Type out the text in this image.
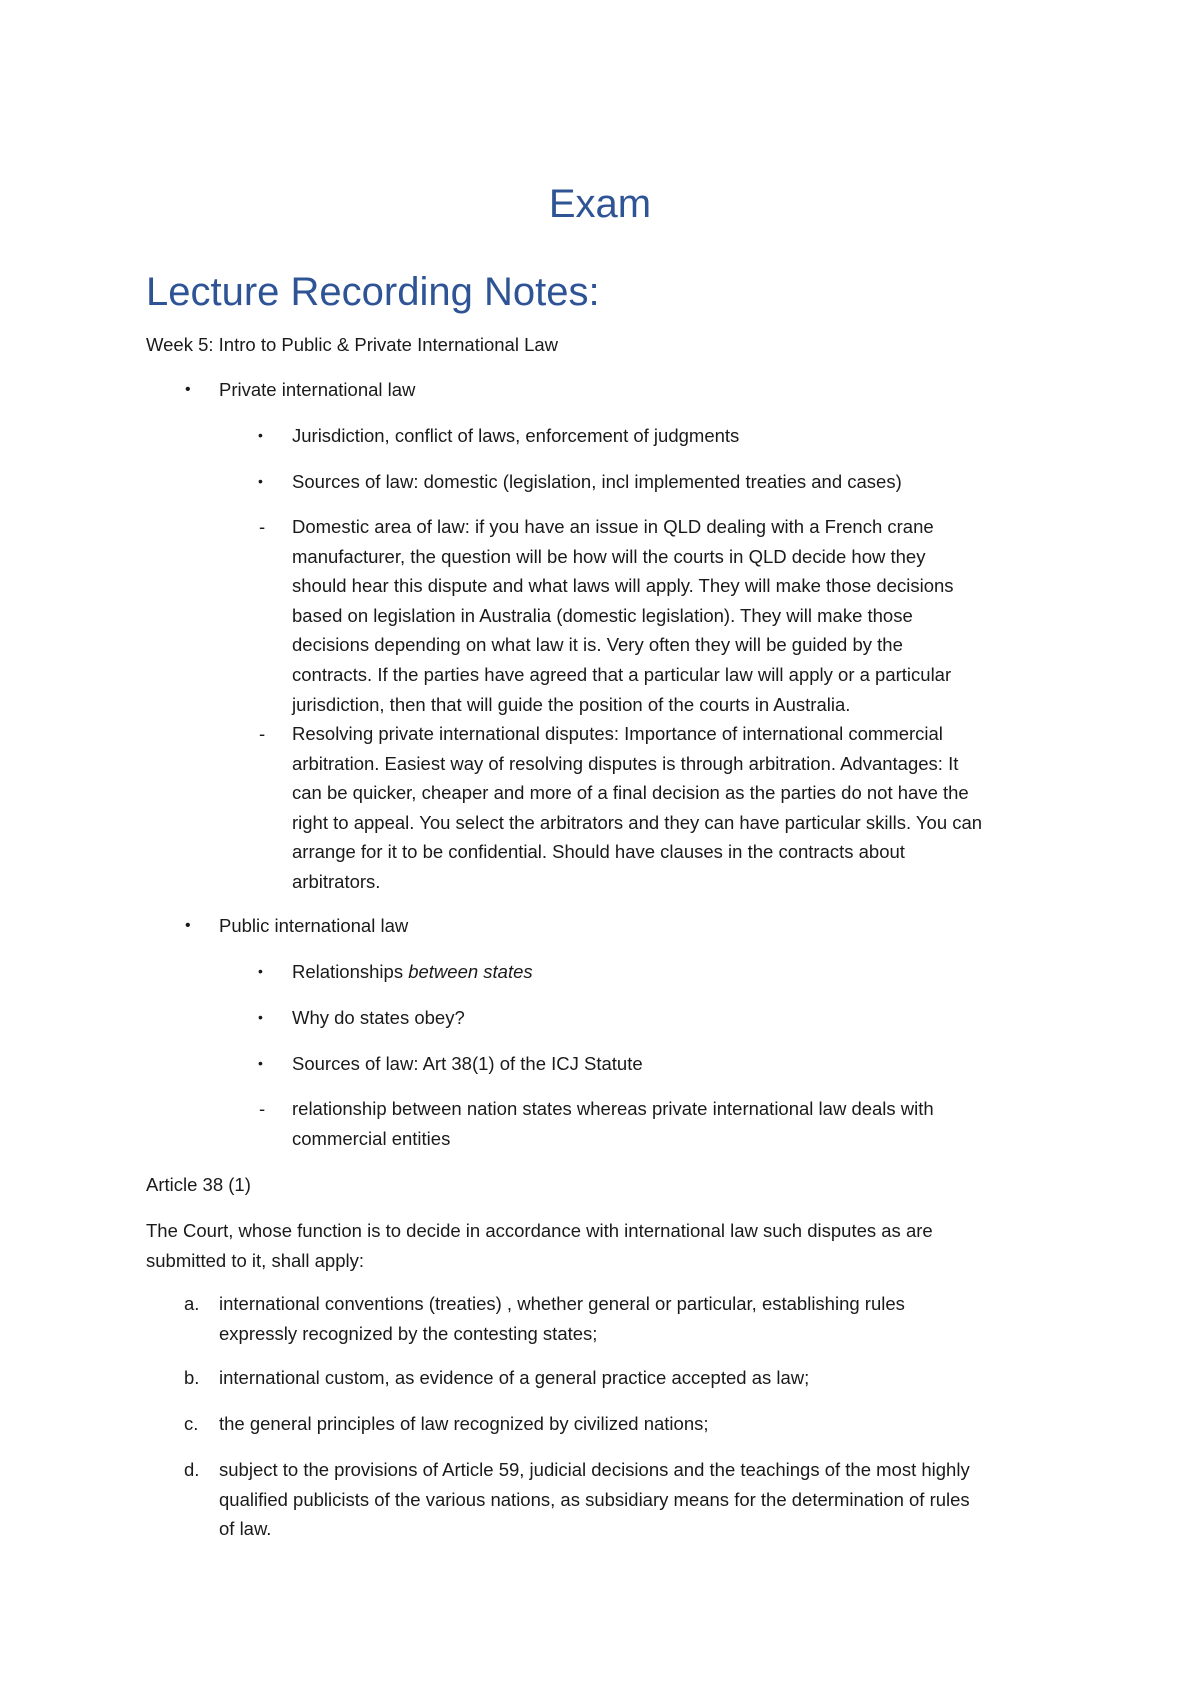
Exam
Lecture Recording Notes:

Week 5: Intro to Public & Private International Law

• Private international law

• Jurisdiction, conflict of laws, enforcement of judgments

• Sources of law: domestic (legislation, incl implemented treaties and cases)

- Domestic area of law: if you have an issue in QLD dealing with a French crane
manufacturer, the question will be how will the courts in QLD decide how they
should hear this dispute and what laws will apply. They will make those decisions
based on legislation in Australia (domestic legislation). They will make those
decisions depending on what law it is. Very often they will be guided by the
contracts. If the parties have agreed that a particular law will apply or a particular
jurisdiction, then that will guide the position of the courts in Australia.
- Resolving private international disputes: Importance of international commercial
arbitration. Easiest way of resolving disputes is through arbitration. Advantages: It
can be quicker, cheaper and more of a final decision as the parties do not have the
right to appeal. You select the arbitrators and they can have particular skills. You can
arrange for it to be confidential. Should have clauses in the contracts about
arbitrators.
• Public international law

• Relationships between states

• Why do states obey?

• Sources of law: Art 38(1) of the ICJ Statute

- relationship between nation states whereas private international law deals with
commercial entities

Article 38 (1)

The Court, whose function is to decide in accordance with international law such disputes as are
submitted to it, shall apply:
a. international conventions (treaties) , whether general or particular, establishing rules
expressly recognized by the contesting states;
b. international custom, as evidence of a general practice accepted as law;
c. the general principles of law recognized by civilized nations;
d. subject to the provisions of Article 59, judicial decisions and the teachings of the most highly
qualified publicists of the various nations, as subsidiary means for the determination of rules
of law.
